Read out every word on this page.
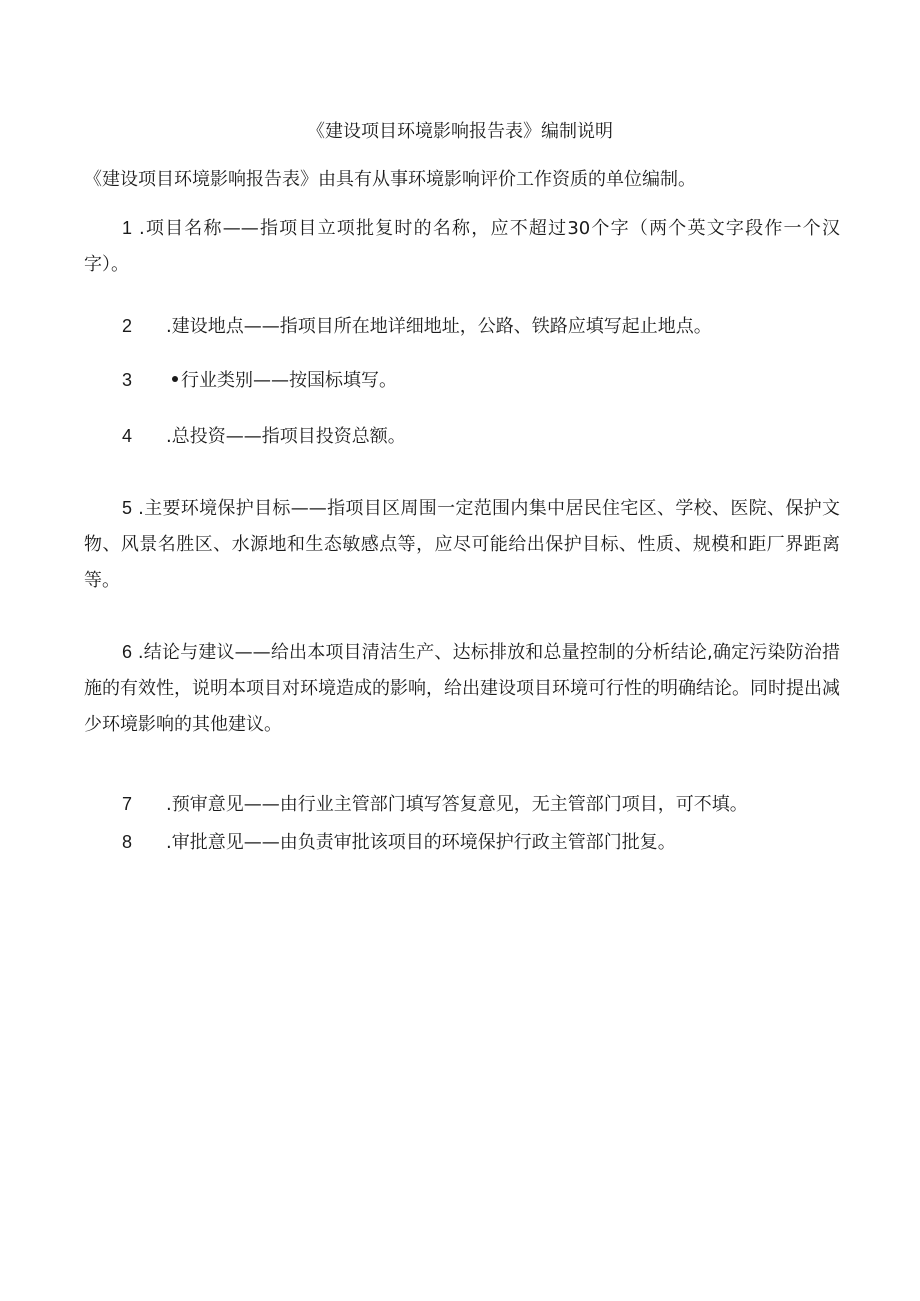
《建设项目环境影响报告表》编制说明
《建设项目环境影响报告表》由具有从事环境影响评价工作资质的单位编制。
1 .项目名称——指项目立项批复时的名称，应不超过30个字（两个英文字段作一个汉字）。
2 .建设地点——指项目所在地详细地址，公路、铁路应填写起止地点。
3	行业类别——按国标填写。
4 .总投资——指项目投资总额。
5 .主要环境保护目标——指项目区周围一定范围内集中居民住宅区、学校、医院、保护文物、风景名胜区、水源地和生态敏感点等，应尽可能给出保护目标、性质、规模和距厂界距离等。
6 .结论与建议——给出本项目清洁生产、达标排放和总量控制的分析结论,确定污染防治措施的有效性，说明本项目对环境造成的影响，给出建设项目环境可行性的明确结论。同时提出减少环境影响的其他建议。
7 .预审意见——由行业主管部门填写答复意见，无主管部门项目，可不填。
8 .审批意见——由负责审批该项目的环境保护行政主管部门批复。
